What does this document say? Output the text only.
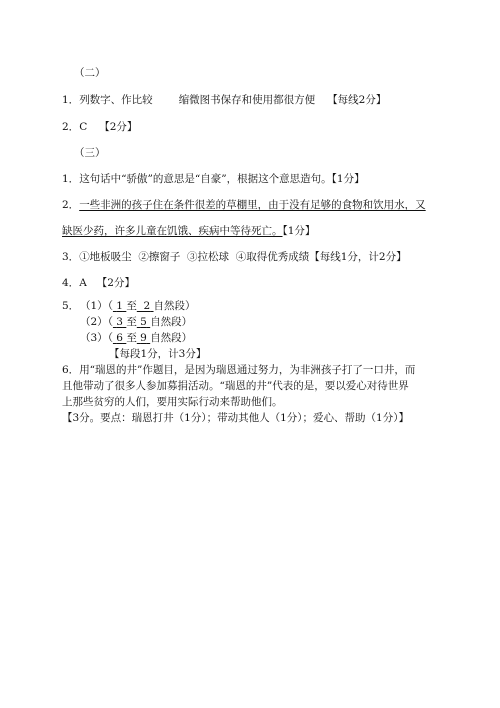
（二）
1．列数字、作比较 缩微图书保存和使用都很方便 【每线2分】
2．C 【2分】
（三）
1．这句话中“骄傲”的意思是“自豪”，根据这个意思造句。【1分】
2．一些非洲的孩子住在条件很差的草棚里，由于没有足够的食物和饮用水，又
缺医少药，许多儿童在饥饿、疾病中等待死亡。【1分】
3．①地板吸尘  ②擦窗子  ③拉松球  ④取得优秀成绩【每线1分，计2分】
4．A 【2分】
5． （1）（ 1 至 2 自然段）
（2）（ 3 至 5 自然段）
（3）（ 6 至 9 自然段）
【每段1分，计3分】
6．用“瑞恩的井”作题目，是因为瑞恩通过努力，为非洲孩子打了一口井，而
且他带动了很多人参加募捐活动。“瑞恩的井”代表的是，要以爱心对待世界
上那些贫穷的人们，要用实际行动来帮助他们。
【3分。要点：瑞恩打井（1分）；带动其他人（1分）；爱心、帮助（1分）】
